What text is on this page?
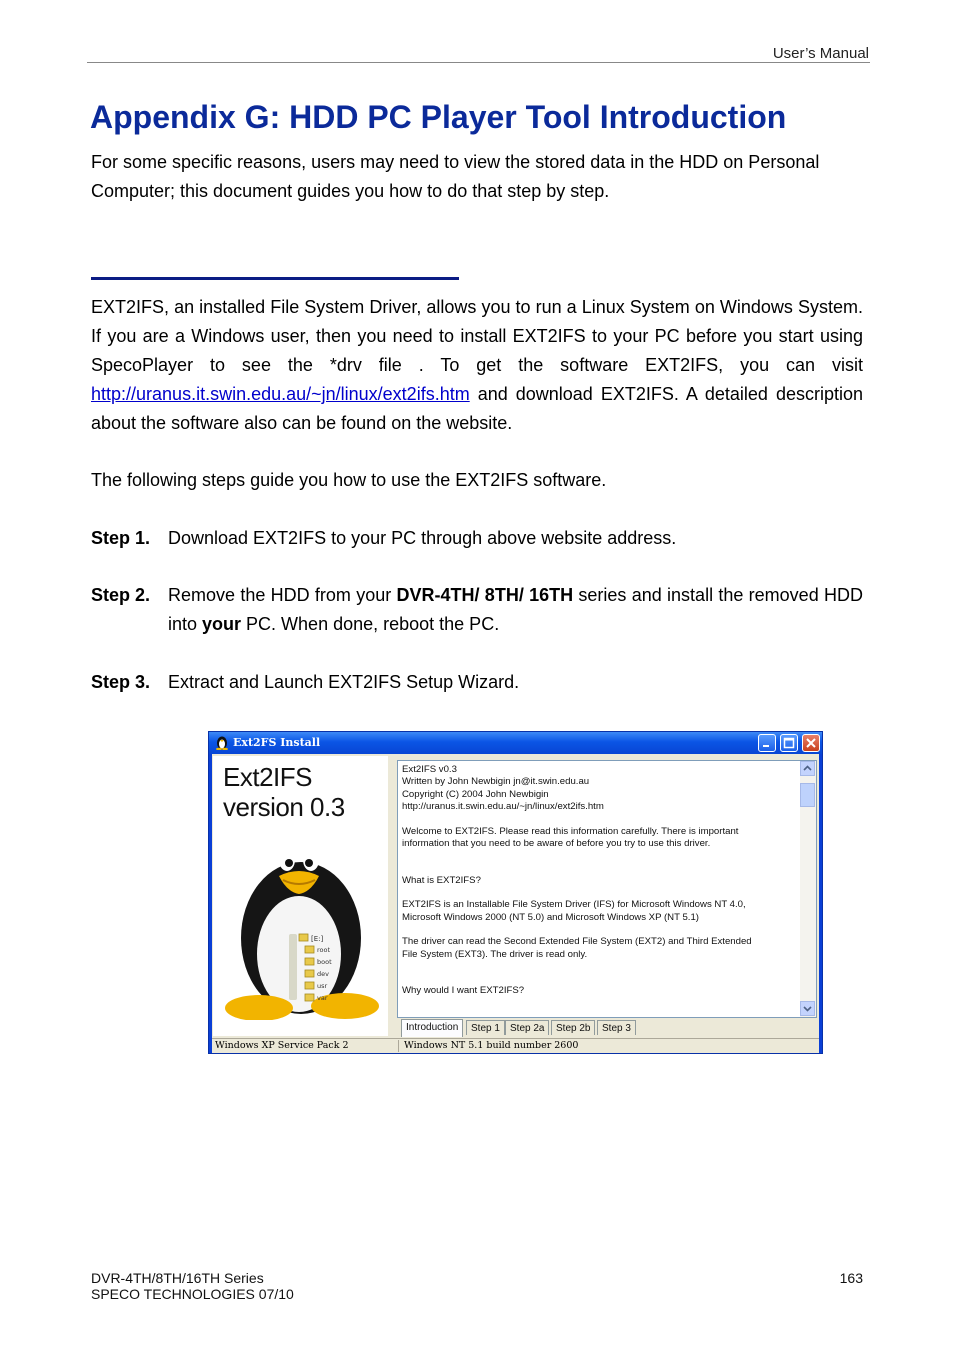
User’s Manual
Appendix G: HDD PC Player Tool Introduction
For some specific reasons, users may need to view the stored data in the HDD on Personal
Computer; this document guides you how to do that step by step.
EXT2IFS, an installed File System Driver, allows you to run a Linux System on Windows System. If you are a Windows user, then you need to install EXT2IFS to your PC before you start using SpecoPlayer to see the *drv file . To get the software EXT2IFS, you can visit http://uranus.it.swin.edu.au/~jn/linux/ext2ifs.htm and download EXT2IFS. A detailed description about the software also can be found on the website.
The following steps guide you how to use the EXT2IFS software.
Step 1. Download EXT2IFS to your PC through above website address.
Step 2. Remove the HDD from your DVR-4TH/ 8TH/ 16TH series and install the removed HDD into your PC. When done, reboot the PC.
Step 3. Extract and Launch EXT2IFS Setup Wizard.
Ext2FS Install
Ext2IFS
version 0.3
[E:]
root
boot
dev
usr
var
Ext2IFS v0.3
Written by John Newbigin jn@it.swin.edu.au
Copyright (C) 2004 John Newbigin
http://uranus.it.swin.edu.au/~jn/linux/ext2ifs.htm
Welcome to EXT2IFS. Please read this information carefully. There is important
information that you need to be aware of before you try to use this driver.
What is EXT2IFS?
EXT2IFS is an Installable File System Driver (IFS) for Microsoft Windows NT 4.0,
Microsoft Windows 2000 (NT 5.0) and Microsoft Windows XP (NT 5.1)
The driver can read the Second Extended File System (EXT2) and Third Extended
File System (EXT3). The driver is read only.
Why would I want EXT2IFS?
Introduction	Step 1	Step 2a	Step 2b	Step 3
Windows XP Service Pack 2	Windows NT 5.1 build number 2600
DVR-4TH/8TH/16TH Series
SPECO TECHNOLOGIES 07/10
163
